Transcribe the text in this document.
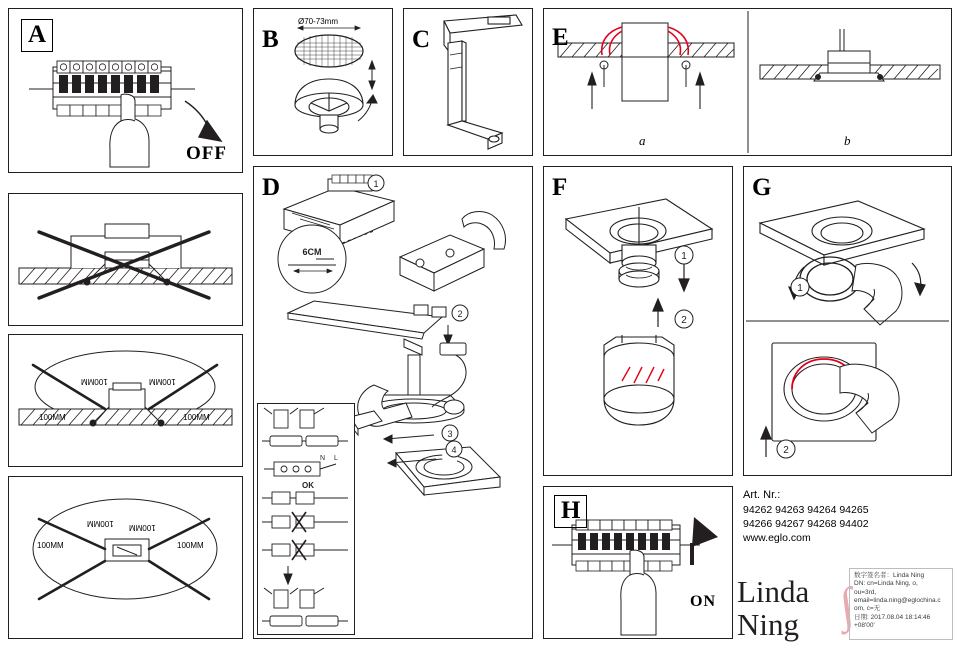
A
OFF
100MM	100MM
100MM	100MM
100MM 100MM
100MM	100MM
B
Ø70-73mm
C
D	1
6CM
2
3
4
N L
OK
E
a	b
F
1
2
G
1
2
H
ON
Art. Nr.:
94262 94263 94264 94265
94266 94267 94268 94402
www.eglo.com
Linda
Ning ∫
数字签名者：Linda Ning
DN: cn=Linda Ning, o,
ou=3rd,
email=linda.ning@eglochina.c
om, c=无
日期: 2017.08.04 18:14:46
+08'00'
